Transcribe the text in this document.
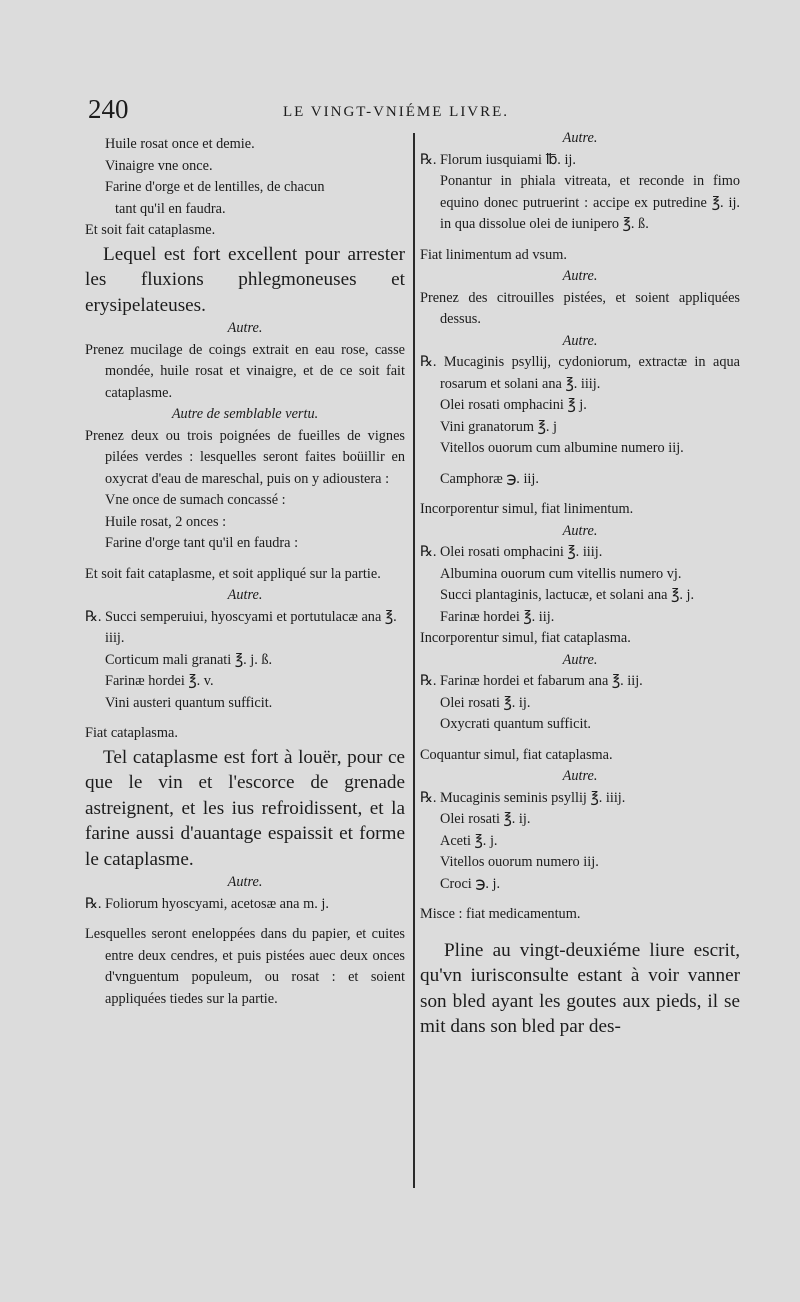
240	LE VINGT-VNIÉME LIVRE.

Huile rosat once et demie.

Vinaigre vne once.

Farine d'orge et de lentilles, de chacun

tant qu'il en faudra.

Et soit fait cataplasme.

Lequel est fort excellent pour arrester les fluxions phlegmoneuses et erysipelateuses.

Autre.

Prenez mucilage de coings extrait en eau rose, casse mondée, huile rosat et vinaigre, et de ce soit fait cataplasme.

Autre de semblable vertu.

Prenez deux ou trois poignées de fueilles de vignes pilées verdes : lesquelles seront faites boüillir en oxycrat d'eau de mareschal, puis on y adioustera :

Vne once de sumach concassé :

Huile rosat, 2 onces :

Farine d'orge tant qu'il en faudra :

Et soit fait cataplasme, et soit appliqué sur la partie.

Autre.

℞. Succi semperuiui, hyoscyami et portutulacæ ana ℥. iiij.

Corticum mali granati ℥. j. ß.

Farinæ hordei ℥. v.

Vini austeri quantum sufficit.

Fiat cataplasma.

Tel cataplasme est fort à louër, pour ce que le vin et l'escorce de grenade astreignent, et les ius refroidissent, et la farine aussi d'auantage espaissit et forme le cataplasme.

Autre.

℞. Foliorum hyoscyami, acetosæ ana m. j.

Lesquelles seront eneloppées dans du papier, et cuites entre deux cendres, et puis pistées auec deux onces d'vnguentum populeum, ou rosat : et soient appliquées tiedes sur la partie.

Autre.

℞. Florum iusquiami ℔. ij.

Ponantur in phiala vitreata, et reconde in fimo equino donec putruerint : accipe ex putredine ℥. ij. in qua dissolue olei de iunipero ℥. ß.

Fiat linimentum ad vsum.

Autre.

Prenez des citrouilles pistées, et soient appliquées dessus.

Autre.

℞. Mucaginis psyllij, cydoniorum, extractæ in aqua rosarum et solani ana ℥. iiij.

Olei rosati omphacini ℥ j.

Vini granatorum ℥. j

Vitellos ouorum cum albumine numero iij.

Camphoræ ℈. iij.

Incorporentur simul, fiat linimentum.

Autre.

℞. Olei rosati omphacini ℥. iiij.

Albumina ouorum cum vitellis numero vj.

Succi plantaginis, lactucæ, et solani ana ℥. j.

Farinæ hordei ℥. iij.

Incorporentur simul, fiat cataplasma.

Autre.

℞. Farinæ hordei et fabarum ana ℥. iij.

Olei rosati ℥. ij.

Oxycrati quantum sufficit.

Coquantur simul, fiat cataplasma.

Autre.

℞. Mucaginis seminis psyllij ℥. iiij.

Olei rosati ℥. ij.

Aceti ℥. j.

Vitellos ouorum numero iij.

Croci ℈. j.

Misce : fiat medicamentum.

Pline au vingt-deuxiéme liure escrit, qu'vn iurisconsulte estant à voir vanner son bled ayant les goutes aux pieds, il se mit dans son bled par des-
